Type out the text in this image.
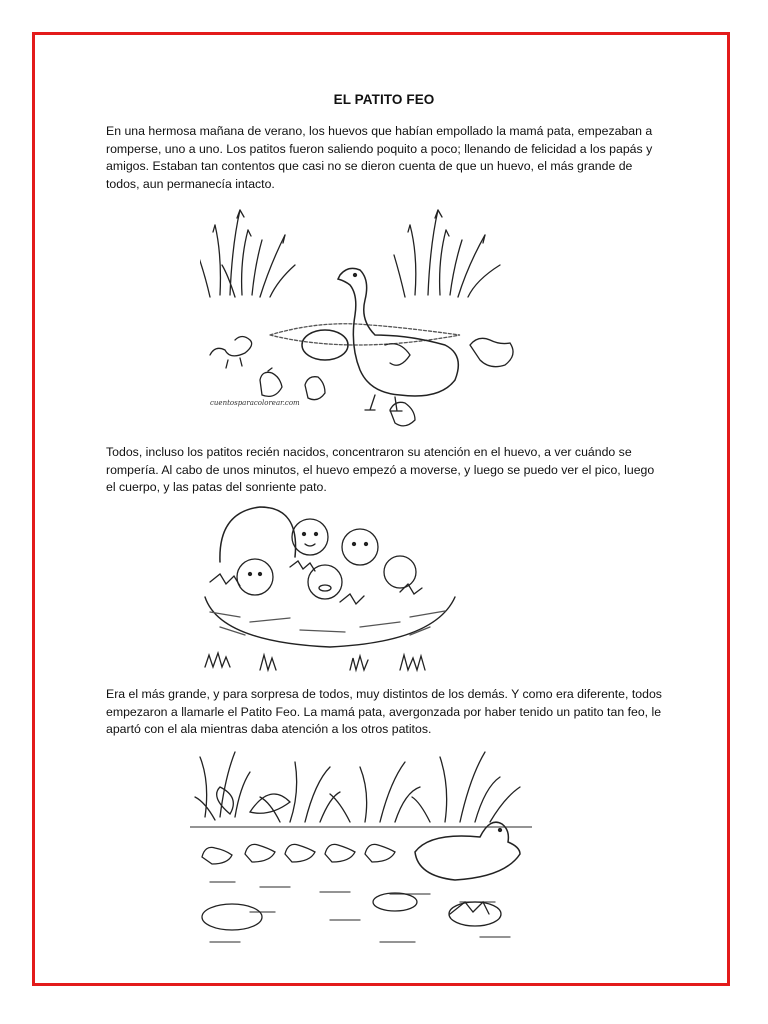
EL PATITO FEO

En una hermosa mañana de verano, los huevos que habían empollado la mamá pata, empezaban a romperse, uno a uno. Los patitos fueron saliendo poquito a poco; llenando de felicidad a los papás y amigos. Estaban tan contentos que casi no se dieron cuenta de que un huevo, el más grande de todos, aun permanecía intacto.

cuentosparacolorear.com

Todos, incluso los patitos recién nacidos, concentraron su atención en el huevo, a ver cuándo se rompería. Al cabo de unos minutos, el huevo empezó a moverse, y luego se puedo ver el pico, luego el cuerpo, y las patas del sonriente pato.

Era el más grande, y para sorpresa de todos, muy distintos de los demás. Y como era diferente, todos empezaron a llamarle el Patito Feo. La mamá pata, avergonzada por haber tenido un patito tan feo, le apartó con el ala mientras daba atención a los otros patitos.
